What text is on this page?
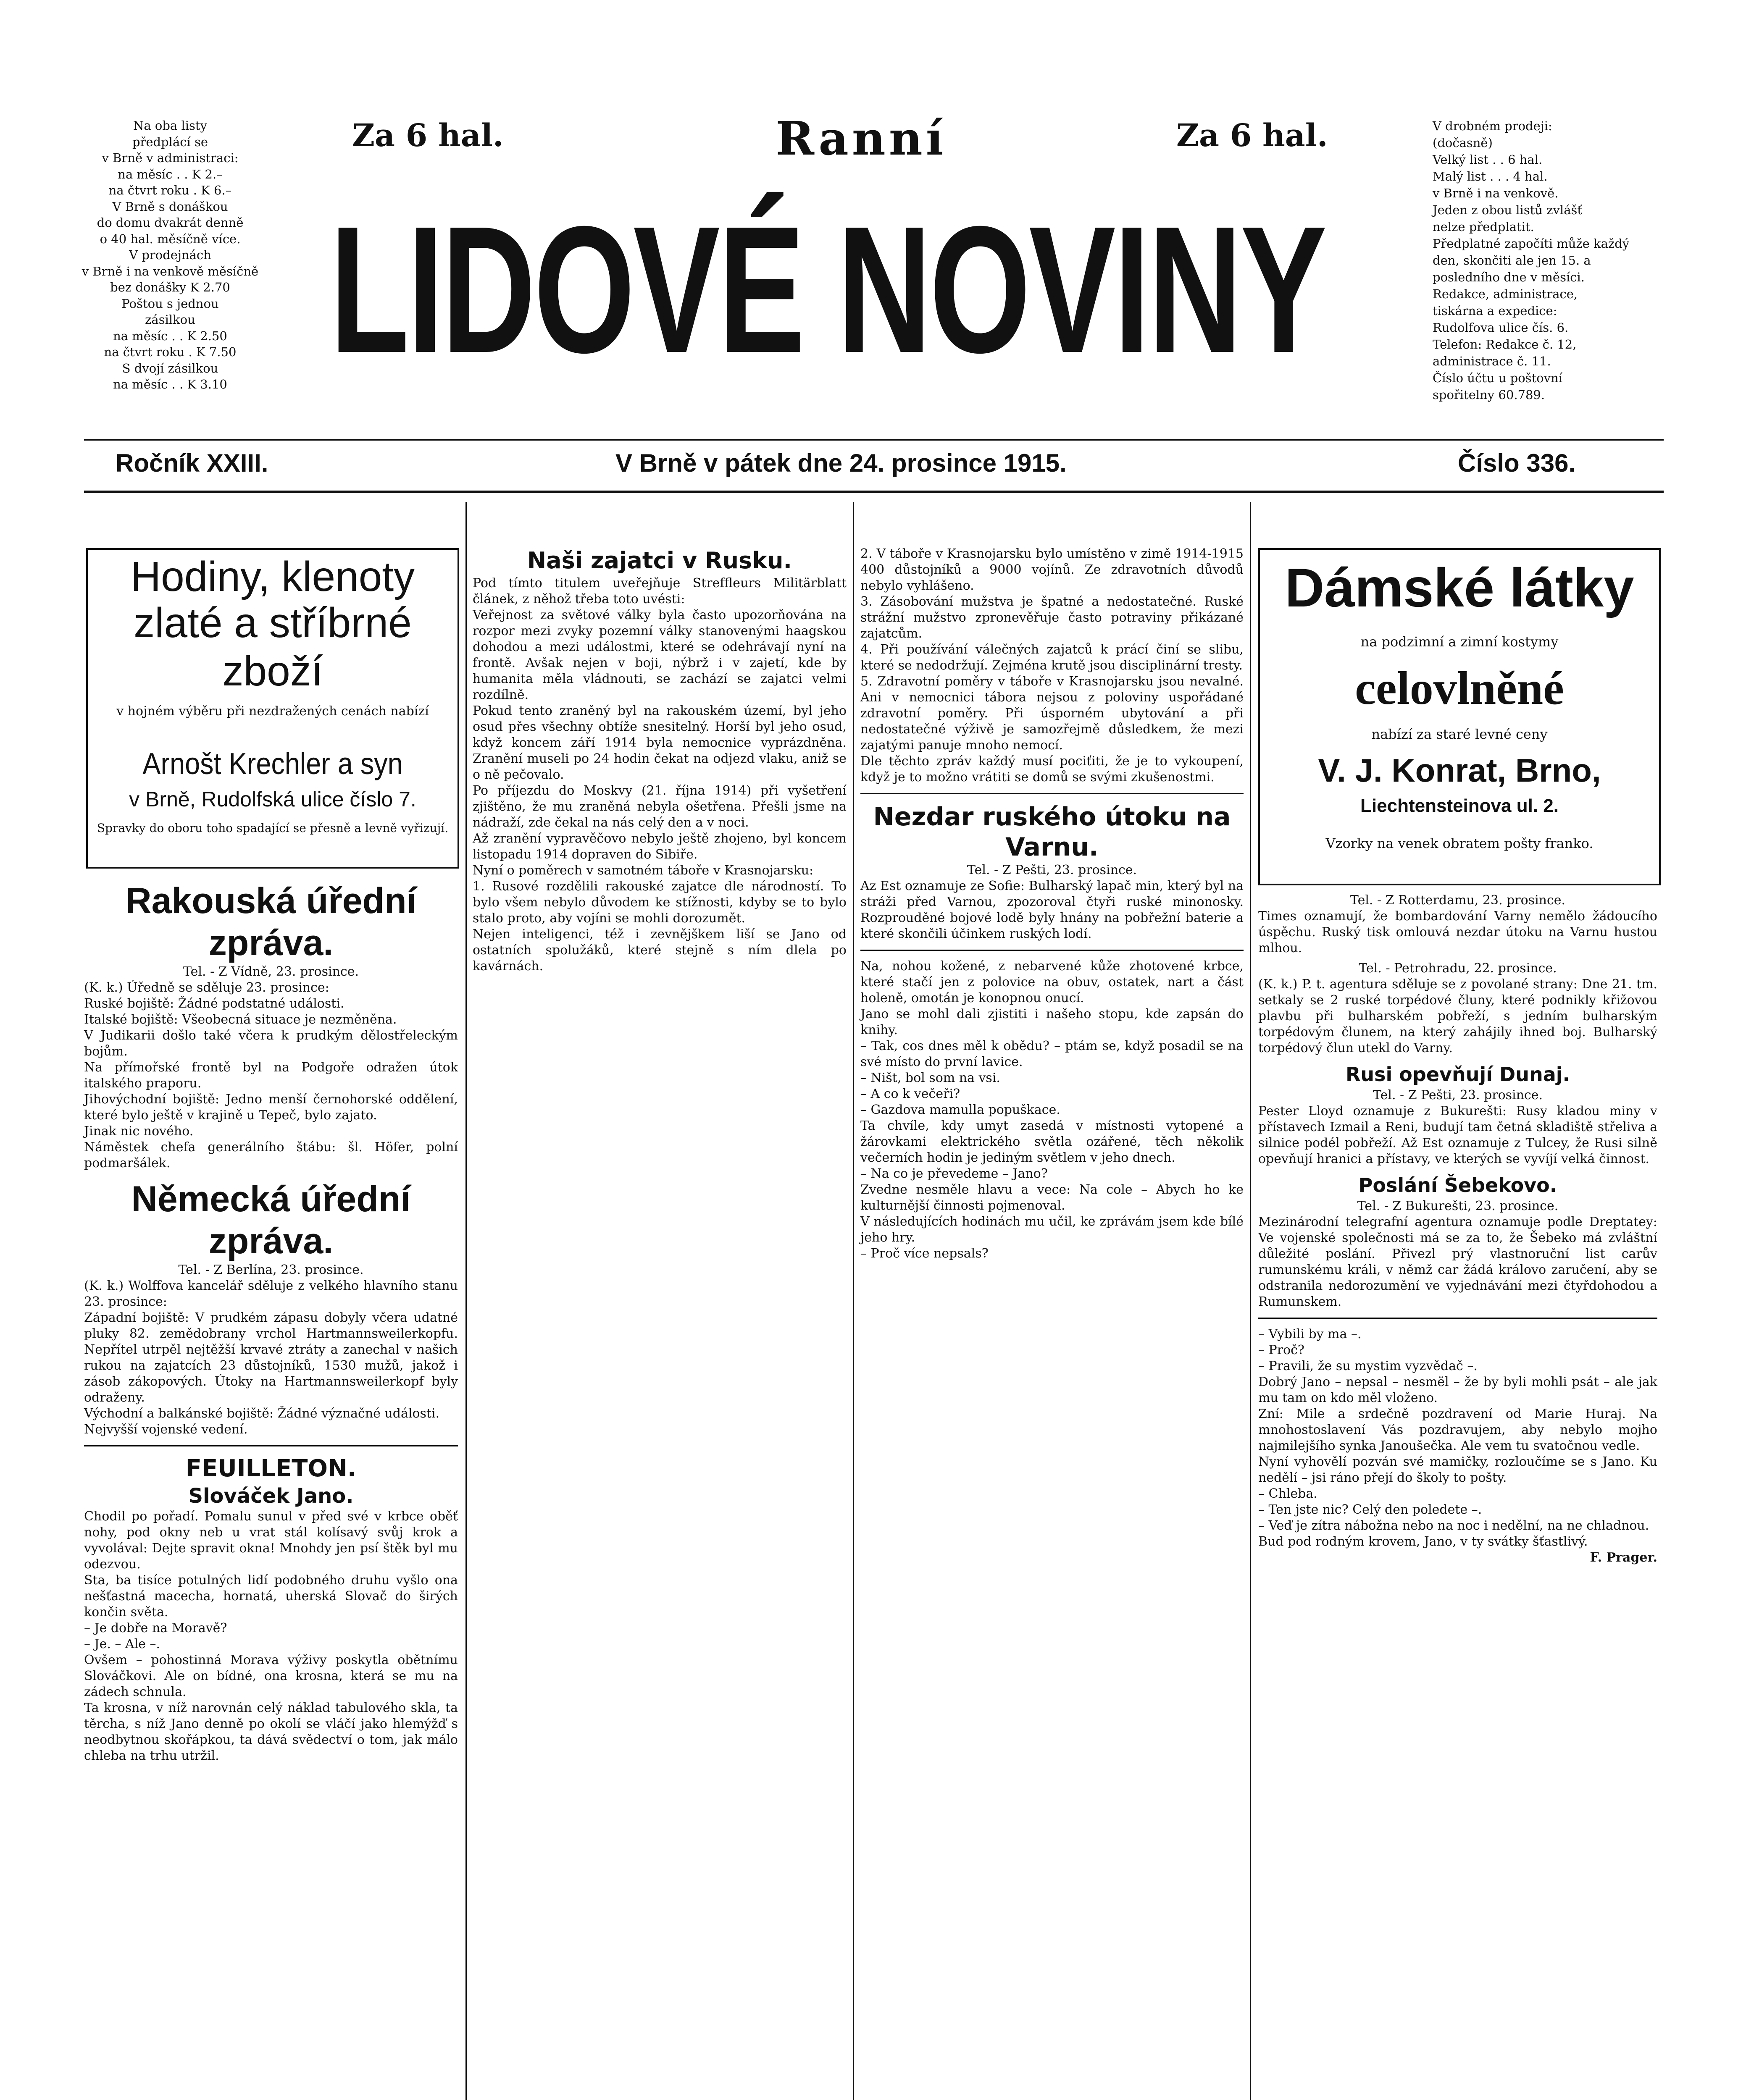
Na oba listy
předplácí se
v Brně v administraci:
na měsíc . . K 2.–
na čtvrt roku . K 6.–
V Brně s donáškou
do domu dvakrát denně
o 40 hal. měsíčně více.
V prodejnách
v Brně i na venkově měsíčně bez donášky K 2.70
Poštou s jednou
zásilkou
na měsíc . . K 2.50
na čtvrt roku . K 7.50
S dvojí zásilkou
na měsíc . . K 3.10
Za 6 hal.	Za 6 hal.
Ranní
LIDOVÉ NOVINY
V drobném prodeji:
(dočasně)
Velký list . . 6 hal.
Malý list . . . 4 hal.
v Brně i na venkově.
Jeden z obou listů zvlášť
nelze předplatit.
Předplatné započíti může každý den, skončiti ale jen 15. a posledního dne v měsíci.
Redakce, administrace,
tiskárna a expedice:
Rudolfova ulice čís. 6.
Telefon: Redakce č. 12,
administrace č. 11.
Číslo účtu u poštovní
spořitelny 60.789.
Ročník XXIII.	V Brně v pátek dne 24. prosince 1915.	Číslo 336.
Hodiny, klenoty
zlaté a stříbrné
zboží
v hojném výběru při nezdražených cenách nabízí
Arnošt Krechler a syn
v Brně, Rudolfská ulice číslo 7.
Spravky do oboru toho spadající se přesně a levně vyřizují.
Rakouská úřední zpráva.
Tel. - Z Vídně, 23. prosince.
(K. k.) Úředně se sděluje 23. prosince:
Ruské bojiště: Žádné podstatné události.
Italské bojiště: Všeobecná situace je nezměněna.
V Judikarii došlo také včera k prudkým dělostřeleckým bojům.
Na přímořské frontě byl na Podgoře odražen útok italského praporu.
Jihovýchodní bojiště: Jedno menší černohorské oddělení, které bylo ještě v krajině u Tepeč, bylo zajato.
Jinak nic nového.
Náměstek chefa generálního štábu: šl. Höfer, polní podmaršálek.
Německá úřední zpráva.
Tel. - Z Berlína, 23. prosince.
(K. k.) Wolffova kancelář sděluje z velkého hlavního stanu 23. prosince:
Západní bojiště: V prudkém zápasu dobyly včera udatné pluky 82. zemědobrany vrchol Hartmannsweilerkopfu. Nepřítel utrpěl nejtěžší krvavé ztráty a zanechal v našich rukou na zajatcích 23 důstojníků, 1530 mužů, jakož i zásob zákopových. Útoky na Hartmannsweilerkopf byly odraženy.
Východní a balkánské bojiště: Žádné význačné události.
Nejvyšší vojenské vedení.
FEUILLETON.
Slováček Jano.
Chodil po pořadí. Pomalu sunul v před své v krbce oběť nohy, pod okny neb u vrat stál kolísavý svůj krok a vyvolával: Dejte spravit okna! Mnohdy jen psí štěk byl mu odezvou.
Sta, ba tisíce potulných lidí podobného druhu vyšlo ona nešťastná macecha, hornatá, uherská Slovač do širých končin světa.
– Je dobře na Moravě?
– Je. – Ale –.
Ovšem – pohostinná Morava výživy poskytla obětnímu Slováčkovi. Ale on bídné, ona krosna, která se mu na zádech schnula.
Ta krosna, v níž narovnán celý náklad tabulového skla, ta těrcha, s níž Jano denně po okolí se vláčí jako hlemýžď s neodbytnou skořápkou, ta dává svědectví o tom, jak málo chleba na trhu utržil.
Naši zajatci v Rusku.
Pod tímto titulem uveřejňuje Streffleurs Militärblatt článek, z něhož třeba toto uvésti:
Veřejnost za světové války byla často upozorňována na rozpor mezi zvyky pozemní války stanovenými haagskou dohodou a mezi událostmi, které se odehrávají nyní na frontě. Avšak nejen v boji, nýbrž i v zajetí, kde by humanita měla vládnouti, se zachází se zajatci velmi rozdílně.
Pokud tento zraněný byl na rakouském území, byl jeho osud přes všechny obtíže snesitelný. Horší byl jeho osud, když koncem září 1914 byla nemocnice vyprázdněna. Zranění museli po 24 hodin čekat na odjezd vlaku, aniž se o ně pečovalo.
Po příjezdu do Moskvy (21. října 1914) při vyšetření zjištěno, že mu zraněná nebyla ošetřena. Přešli jsme na nádraží, zde čekal na nás celý den a v noci.
Až zranění vypravěčovo nebylo ještě zhojeno, byl koncem listopadu 1914 dopraven do Sibiře.
Nyní o poměrech v samotném táboře v Krasnojarsku:
1. Rusové rozdělili rakouské zajatce dle národností. To bylo všem nebylo důvodem ke stížnosti, kdyby se to bylo stalo proto, aby vojíni se mohli dorozumět.
Nejen inteligenci, též i zevnějškem liší se Jano od ostatních spolužáků, které stejně s ním dlela po kavárnách.
2. V táboře v Krasnojarsku bylo umístěno v zimě 1914-1915 400 důstojníků a 9000 vojínů. Ze zdravotních důvodů nebylo vyhlášeno.
3. Zásobování mužstva je špatné a nedostatečné. Ruské strážní mužstvo zpronevěřuje často potraviny přikázané zajatcům.
4. Při používání válečných zajatců k prácí činí se slibu, které se nedodržují. Zejména krutě jsou disciplinární tresty.
5. Zdravotní poměry v táboře v Krasnojarsku jsou nevalné. Ani v nemocnici tábora nejsou z poloviny uspořádané zdravotní poměry. Při úsporném ubytování a při nedostatečné výživě je samozřejmě důsledkem, že mezi zajatými panuje mnoho nemocí.
Dle těchto zpráv každý musí pociťiti, že je to vykoupení, když je to možno vrátiti se domů se svými zkušenostmi.
Nezdar ruského útoku na Varnu.
Tel. - Z Pešti, 23. prosince.
Az Est oznamuje ze Sofie: Bulharský lapač min, který byl na stráži před Varnou, zpozoroval čtyři ruské minonosky. Rozprouděné bojové lodě byly hnány na pobřežní baterie a které skončili účinkem ruských lodí.
Na, nohou kožené, z nebarvené kůže zhotovené krbce, které stačí jen z polovice na obuv, ostatek, nart a část holeně, omotán je konopnou onucí.
Jano se mohl dali zjistiti i našeho stopu, kde zapsán do knihy.
– Tak, cos dnes měl k obědu? – ptám se, když posadil se na své místo do první lavice.
– Ništ, bol som na vsi.
– A co k večeři?
– Gazdova mamulla popuškace.
Ta chvíle, kdy umyt zasedá v místnosti vytopené a žárovkami elektrického světla ozářené, těch několik večerních hodin je jediným světlem v jeho dnech.
– Na co je převedeme – Jano?
Zvedne nesměle hlavu a vece: Na cole – Abych ho ke kulturnější činnosti pojmenoval.
V následujících hodinách mu učil, ke zprávám jsem kde bílé jeho hry.
– Proč více nepsals?
Dámské látky
na podzimní a zimní kostymy
celovlněné
nabízí za staré levné ceny
V. J. Konrat, Brno,
Liechtensteinova ul. 2.
Vzorky na venek obratem pošty franko.
Tel. - Z Rotterdamu, 23. prosince.
Times oznamují, že bombardování Varny nemělo žádoucího úspěchu. Ruský tisk omlouvá nezdar útoku na Varnu hustou mlhou.
Tel. - Petrohradu, 22. prosince.
(K. k.) P. t. agentura sděluje se z povolané strany: Dne 21. tm. setkaly se 2 ruské torpédové čluny, které podnikly křižovou plavbu při bulharském pobřeží, s jedním bulharským torpédovým člunem, na který zahájily ihned boj. Bulharský torpédový člun utekl do Varny.
Rusi opevňují Dunaj.
Tel. - Z Pešti, 23. prosince.
Pester Lloyd oznamuje z Bukurešti: Rusy kladou miny v přístavech Izmail a Reni, budují tam četná skladiště střeliva a silnice podél pobřeží. Až Est oznamuje z Tulcey, že Rusi silně opevňují hranici a přístavy, ve kterých se vyvíjí velká činnost.
Poslání Šebekovo.
Tel. - Z Bukurešti, 23. prosince.
Mezinárodní telegrafní agentura oznamuje podle Dreptatey: Ve vojenské společnosti má se za to, že Šebeko má zvláštní důležité poslání. Přivezl prý vlastnoruční list carův rumunskému králi, v němž car žádá královo zaručení, aby se odstranila nedorozumění ve vyjednávání mezi čtyřdohodou a Rumunskem.
– Vybili by ma –.
– Proč?
– Pravili, že su mystim vyzvědač –.
Dobrý Jano – nepsal – nesmël – že by byli mohli psát – ale jak mu tam on kdo měl vloženo.
Zní: Mile a srdečně pozdravení od Marie Huraj. Na mnohostoslavení Vás pozdravujem, aby nebylo mojho najmilejšího synka Janoušečka. Ale vem tu svatočnou vedle.
Nyní vyhovělí pozván své mamičky, rozloučíme se s Jano. Ku nedělí – jsi ráno přejí do školy to pošty.
– Chleba.
– Ten jste nic? Celý den poledete –.
– Veď je zítra nábožna nebo na noc i nedělní, na ne chladnou.
Bud pod rodným krovem, Jano, v ty svátky šťastlivý.
F. Prager.
